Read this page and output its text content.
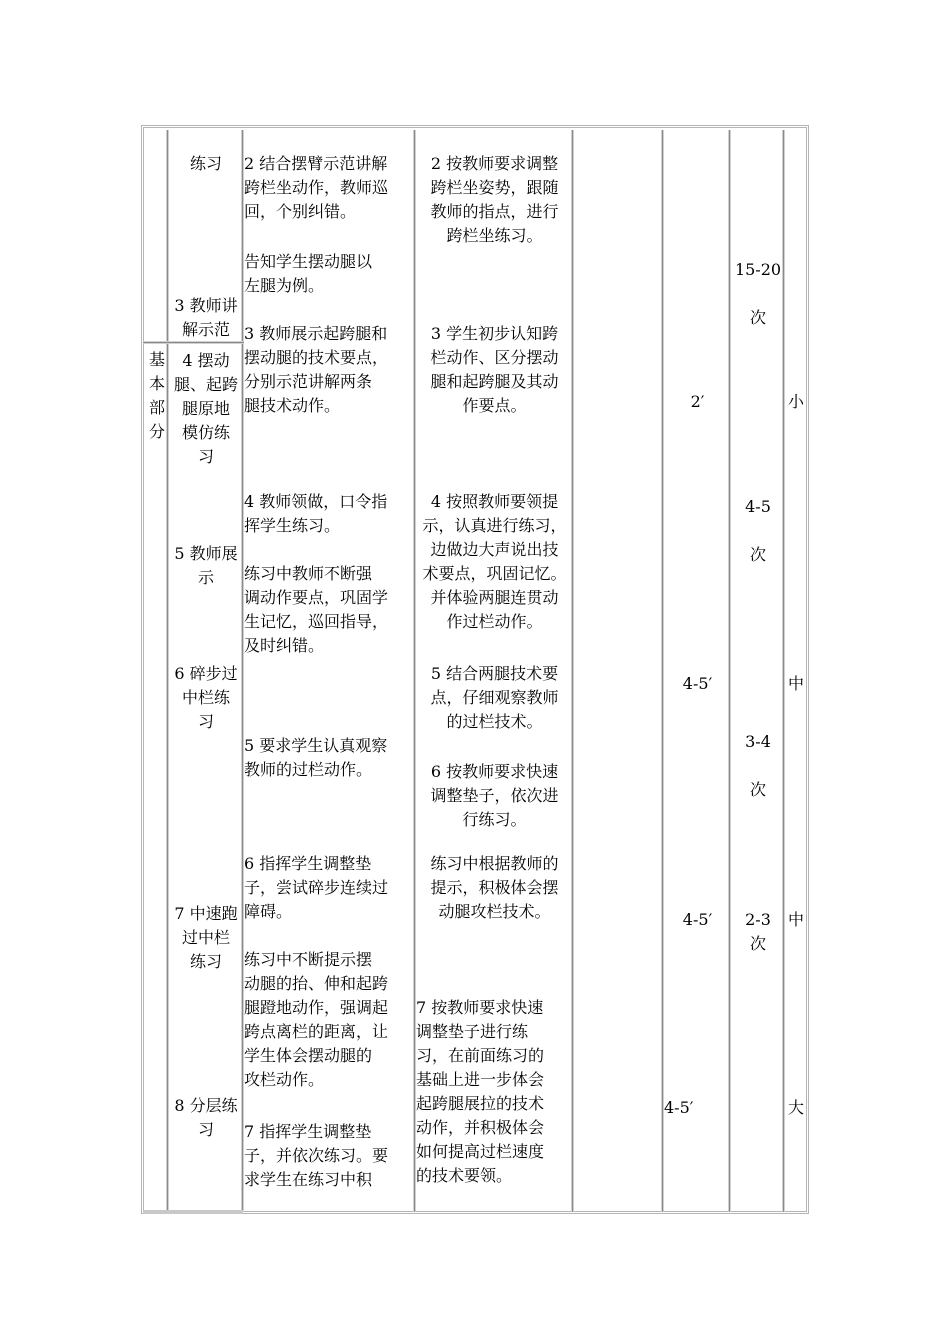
基本部分
练习
3 教师讲
解示范
4 摆动
腿、起跨
腿原地
模仿练
习
5 教师展
示
6 碎步过
中栏练
习
7 中速跑
过中栏
练习
8 分层练
习
2 结合摆臂示范讲解
跨栏坐动作，教师巡
回，个别纠错。
告知学生摆动腿以
左腿为例。
3 教师展示起跨腿和
摆动腿的技术要点，
分别示范讲解两条
腿技术动作。
4 教师领做，口令指
挥学生练习。
练习中教师不断强
调动作要点，巩固学
生记忆，巡回指导，
及时纠错。
5 要求学生认真观察
教师的过栏动作。
6 指挥学生调整垫
子，尝试碎步连续过
障碍。
练习中不断提示摆
动腿的抬、伸和起跨
腿蹬地动作，强调起
跨点离栏的距离，让
学生体会摆动腿的
攻栏动作。
7 指挥学生调整垫
子，并依次练习。要
求学生在练习中积
2 按教师要求调整
跨栏坐姿势，跟随
教师的指点，进行
跨栏坐练习。
3 学生初步认知跨
栏动作、区分摆动
腿和起跨腿及其动
作要点。
4 按照教师要领提
示，认真进行练习，
边做边大声说出技
术要点，巩固记忆。
并体验两腿连贯动
作过栏动作。
5 结合两腿技术要
点，仔细观察教师
的过栏技术。
6 按教师要求快速
调整垫子，依次进
行练习。
练习中根据教师的
提示，积极体会摆
动腿攻栏技术。
7 按教师要求快速
调整垫子进行练
习，在前面练习的
基础上进一步体会
起跨腿展拉的技术
动作，并积极体会
如何提高过栏速度
的技术要领。
2′
4-5′
4-5′
4-5′
15-20
次
4-5
次
3-4
次
2-3
次
小
中
中
大
